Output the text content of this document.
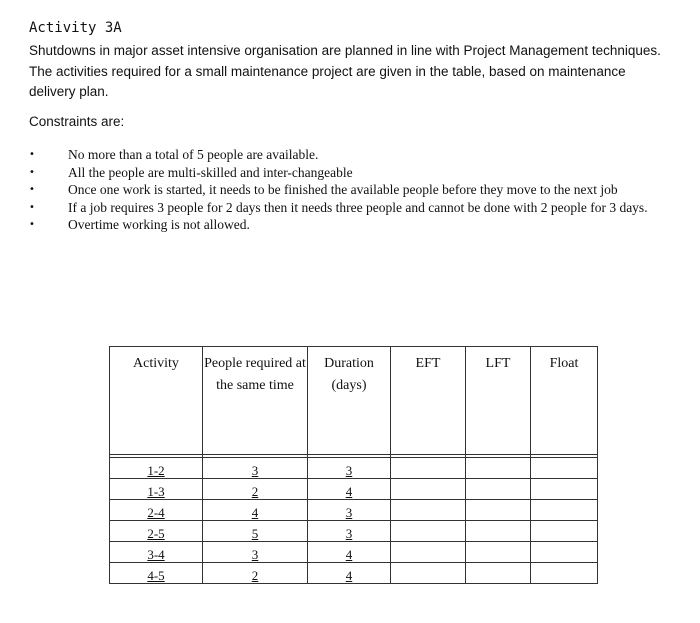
Activity 3A
Shutdowns in major asset intensive organisation are planned in line with Project Management techniques. The activities required for a small maintenance project are given in the table, based on maintenance delivery plan.
Constraints are:
• No more than a total of 5 people are available.
• All the people are multi-skilled and inter-changeable
• Once one work is started, it needs to be finished the available people before they move to the next job
• If a job requires 3 people for 2 days then it needs three people and cannot be done with 2 people for 3 days.
• Overtime working is not allowed.
Activity	People required at the same time	Duration (days)	EFT	LFT	Float

1-2	3	3			
1-3	2	4			
2-4	4	3			
2-5	5	3			
3-4	3	4			
4-5	2	4			
